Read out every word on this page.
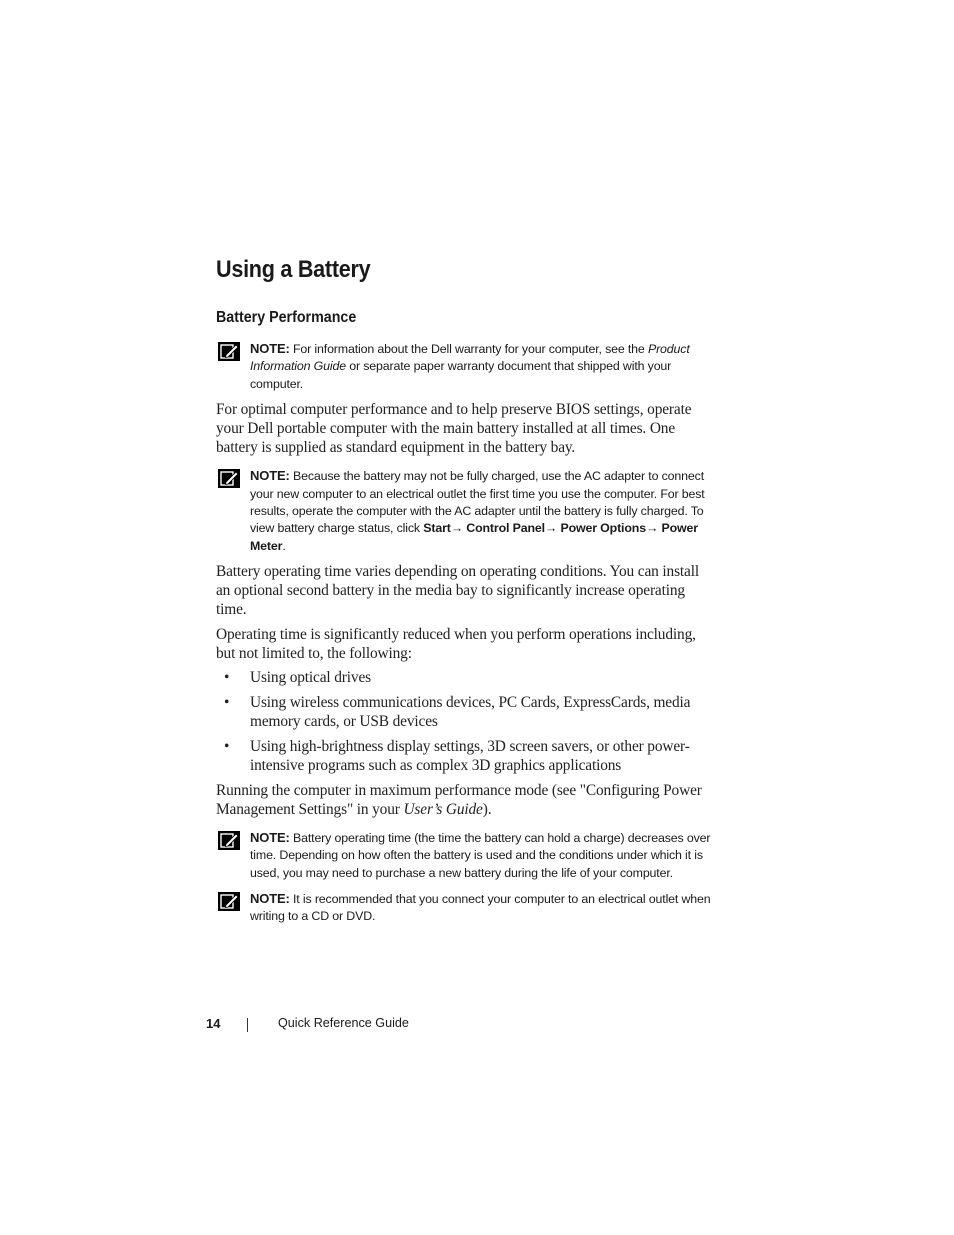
Using a Battery
Battery Performance
NOTE: For information about the Dell warranty for your computer, see the Product Information Guide or separate paper warranty document that shipped with your computer.

For optimal computer performance and to help preserve BIOS settings, operate your Dell portable computer with the main battery installed at all times. One battery is supplied as standard equipment in the battery bay.

NOTE: Because the battery may not be fully charged, use the AC adapter to connect your new computer to an electrical outlet the first time you use the computer. For best results, operate the computer with the AC adapter until the battery is fully charged. To view battery charge status, click Start→ Control Panel→ Power Options→ Power Meter.

Battery operating time varies depending on operating conditions. You can install an optional second battery in the media bay to significantly increase operating time.

Operating time is significantly reduced when you perform operations including, but not limited to, the following:

• Using optical drives
• Using wireless communications devices, PC Cards, ExpressCards, media memory cards, or USB devices
• Using high-brightness display settings, 3D screen savers, or other power-intensive programs such as complex 3D graphics applications

Running the computer in maximum performance mode (see "Configuring Power Management Settings" in your User’s Guide).

NOTE: Battery operating time (the time the battery can hold a charge) decreases over time. Depending on how often the battery is used and the conditions under which it is used, you may need to purchase a new battery during the life of your computer.
NOTE: It is recommended that you connect your computer to an electrical outlet when writing to a CD or DVD.
14	Quick Reference Guide
